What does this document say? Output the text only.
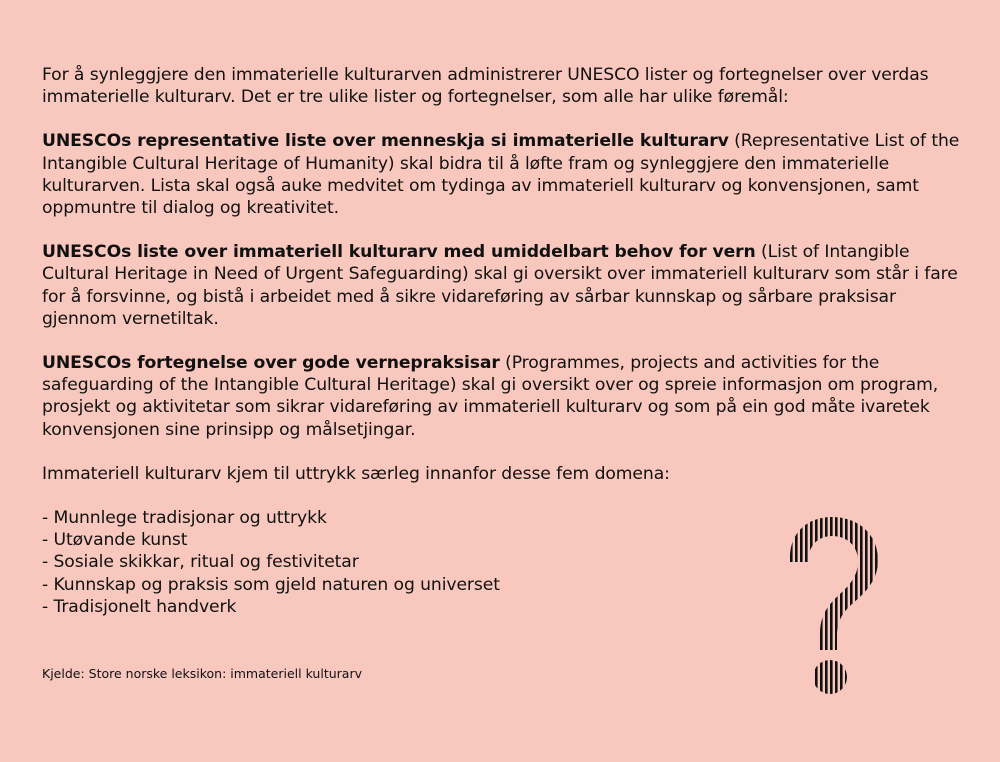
For å synleggjere den immaterielle kulturarven administrerer UNESCO lister og fortegnelser over verdas immaterielle kulturarv. Det er tre ulike lister og fortegnelser, som alle har ulike føremål:

UNESCOs representative liste over menneskja si immaterielle kulturarv (Representative List of the Intangible Cultural Heritage of Humanity) skal bidra til å løfte fram og synleggjere den immaterielle kulturarven. Lista skal også auke medvitet om tydinga av immateriell kulturarv og konvensjonen, samt oppmuntre til dialog og kreativitet.

UNESCOs liste over immateriell kulturarv med umiddelbart behov for vern (List of Intangible Cultural Heritage in Need of Urgent Safeguarding) skal gi oversikt over immateriell kulturarv som står i fare for å forsvinne, og bistå i arbeidet med å sikre vidareføring av sårbar kunnskap og sårbare praksisar gjennom vernetiltak.

UNESCOs fortegnelse over gode vernepraksisar (Programmes, projects and activities for the safeguarding of the Intangible Cultural Heritage) skal gi oversikt over og spreie informasjon om program, prosjekt og aktivitetar som sikrar vidareføring av immateriell kulturarv og som på ein god måte ivaretek konvensjonen sine prinsipp og målsetjingar.

Immateriell kulturarv kjem til uttrykk særleg innanfor desse fem domena:

- Munnlege tradisjonar og uttrykk
- Utøvande kunst
- Sosiale skikkar, ritual og festivitetar
- Kunnskap og praksis som gjeld naturen og universet
- Tradisjonelt handverk
Kjelde: Store norske leksikon: immateriell kulturarv
